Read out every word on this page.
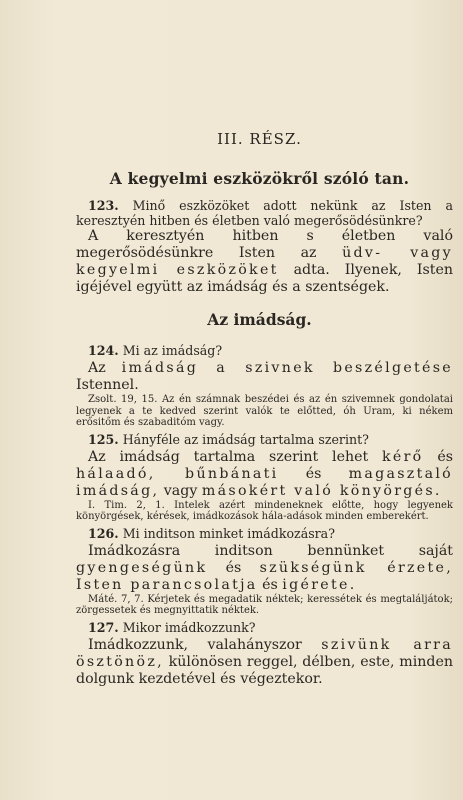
III. RÉSZ.
A kegyelmi eszközökről szóló tan.

123. Minő eszközöket adott nekünk az Isten a keresztyén hitben és életben való megerősödésünkre?

A keresztyén hitben s életben való megerősödésünkre Isten az üdv- vagy kegyelmi eszközöket adta. Ilyenek, Isten igéjével együtt az imádság és a szentségek.

Az imádság.

124. Mi az imádság?

Az imádság a szivnek beszélgetése Istennel.

Zsolt. 19, 15. Az én számnak beszédei és az én szivemnek gondolatai legyenek a te kedved szerint valók te előtted, óh Uram, ki nékem erősitőm és szabaditóm vagy.

125. Hányféle az imádság tartalma szerint?

Az imádság tartalma szerint lehet kérő és hálaadó, bűnbánati és magasztaló imádság, vagy másokért való könyörgés.

I. Tim. 2, 1. Intelek azért mindeneknek előtte, hogy legyenek könyörgések, kérések, imádkozások hála-adások minden emberekért.

126. Mi inditson minket imádkozásra?

Imádkozásra inditson bennünket saját gyengeségünk és szükségünk érzete, Isten parancsolatja és igérete.

Máté. 7, 7. Kérjetek és megadatik néktek; keressétek és megtaláljátok; zörgessetek és megnyittatik néktek.

127. Mikor imádkozzunk?

Imádkozzunk, valahányszor szivünk arra ösztönöz, különösen reggel, délben, este, minden dolgunk kezdetével és végeztekor.
